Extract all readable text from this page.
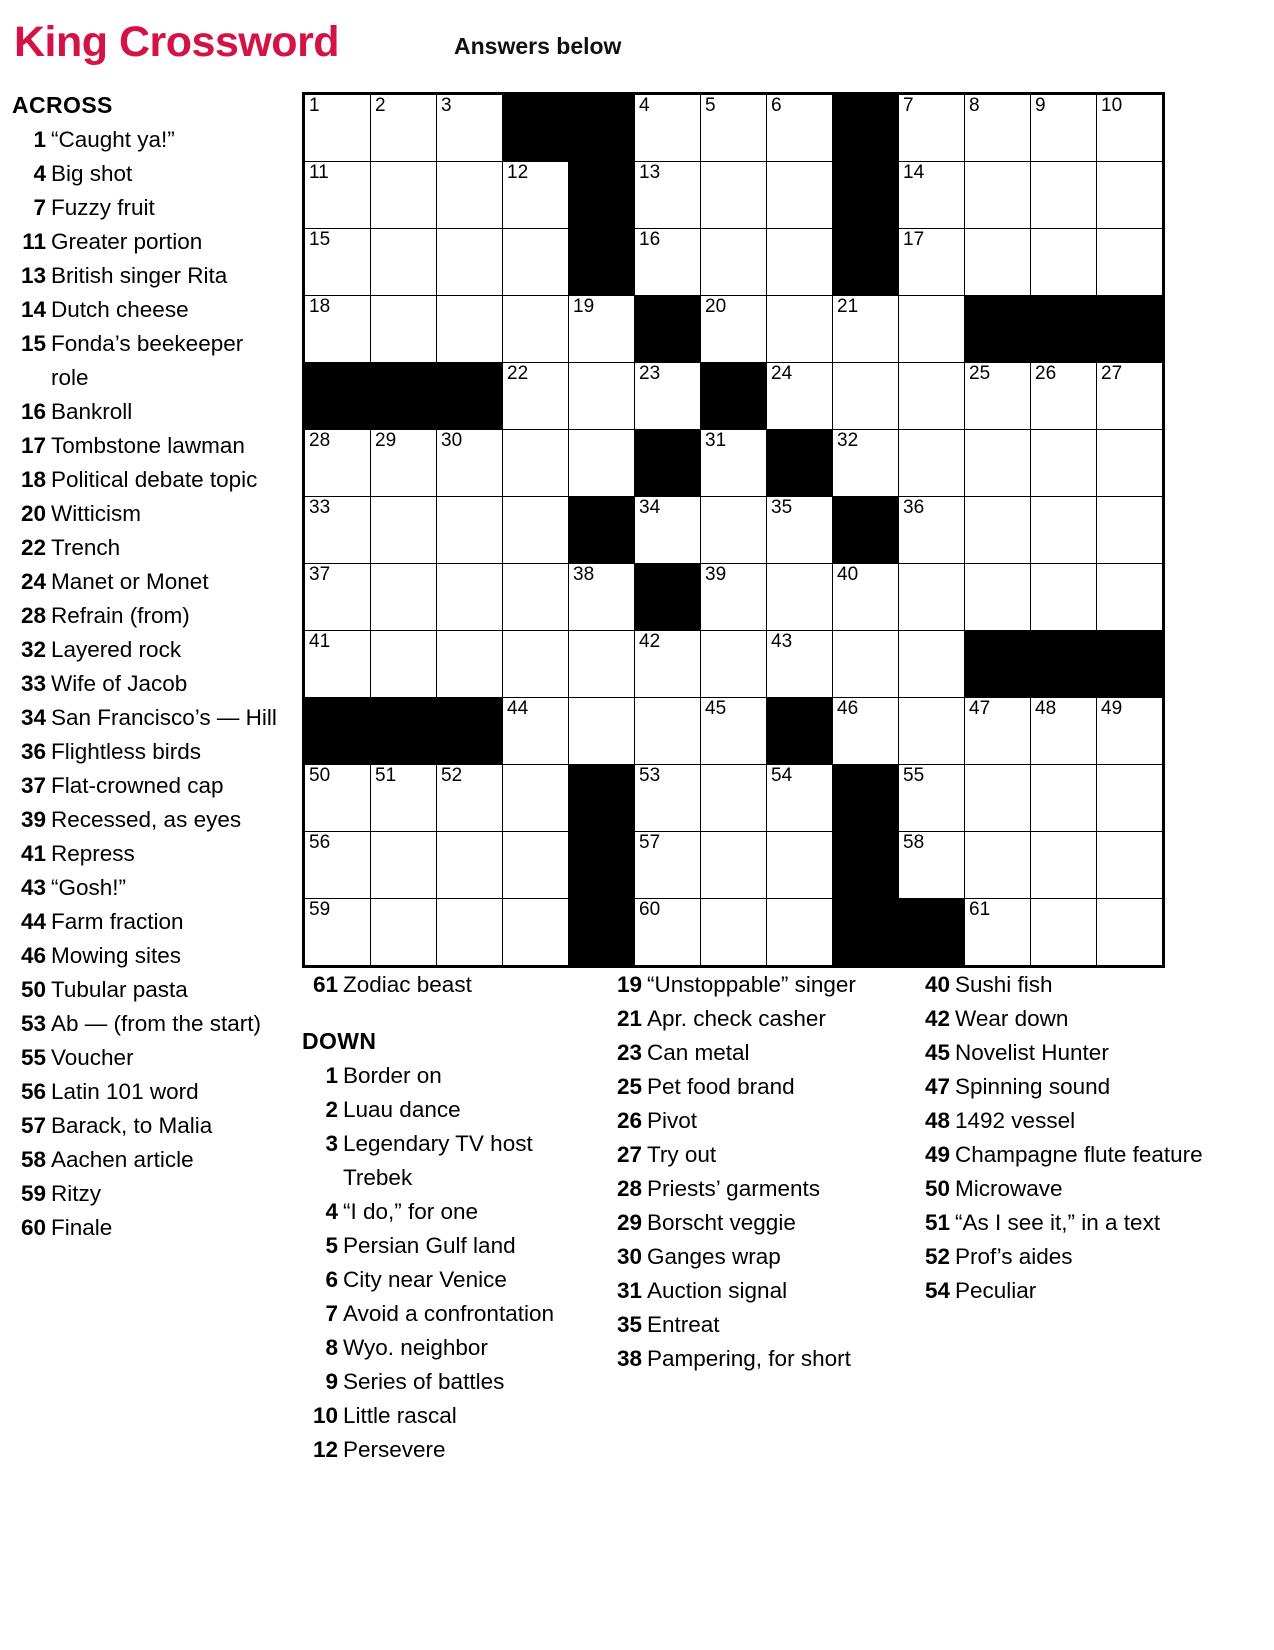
King Crossword	Answers below
ACROSS
1 “Caught ya!”
4 Big shot
7 Fuzzy fruit
11 Greater portion
13 British singer Rita
14 Dutch cheese
15 Fonda’s beekeeper role
16 Bankroll
17 Tombstone lawman
18 Political debate topic
20 Witticism
22 Trench
24 Manet or Monet
28 Refrain (from)
32 Layered rock
33 Wife of Jacob
34 San Francisco’s — Hill
36 Flightless birds
37 Flat-crowned cap
39 Recessed, as eyes
41 Repress
43 “Gosh!”
44 Farm fraction
46 Mowing sites
50 Tubular pasta
53 Ab — (from the start)
55 Voucher
56 Latin 101 word
57 Barack, to Malia
58 Aachen article
59 Ritzy
60 Finale
1	2	3			4	5	6		7	8	9	10

11			12		13				14			

15					16				17			

18				19		20		21				

			22		23		24			25	26	27

28	29	30				31		32				

33					34		35		36			

37				38		39		40				

41					42		43					

			44			45		46		47	48	49

50	51	52			53		54		55			

56					57				58			

59					60					61		

61 Zodiac beast
DOWN
1 Border on
2 Luau dance
3 Legendary TV host Trebek
4 “I do,” for one
5 Persian Gulf land
6 City near Venice
7 Avoid a confrontation
8 Wyo. neighbor
9 Series of battles
10 Little rascal
12 Persevere
19 “Unstoppable” singer
21 Apr. check casher
23 Can metal
25 Pet food brand
26 Pivot
27 Try out
28 Priests’ garments
29 Borscht veggie
30 Ganges wrap
31 Auction signal
35 Entreat
38 Pampering, for short
40 Sushi fish
42 Wear down
45 Novelist Hunter
47 Spinning sound
48 1492 vessel
49 Champagne flute feature
50 Microwave
51 “As I see it,” in a text
52 Prof’s aides
54 Peculiar
